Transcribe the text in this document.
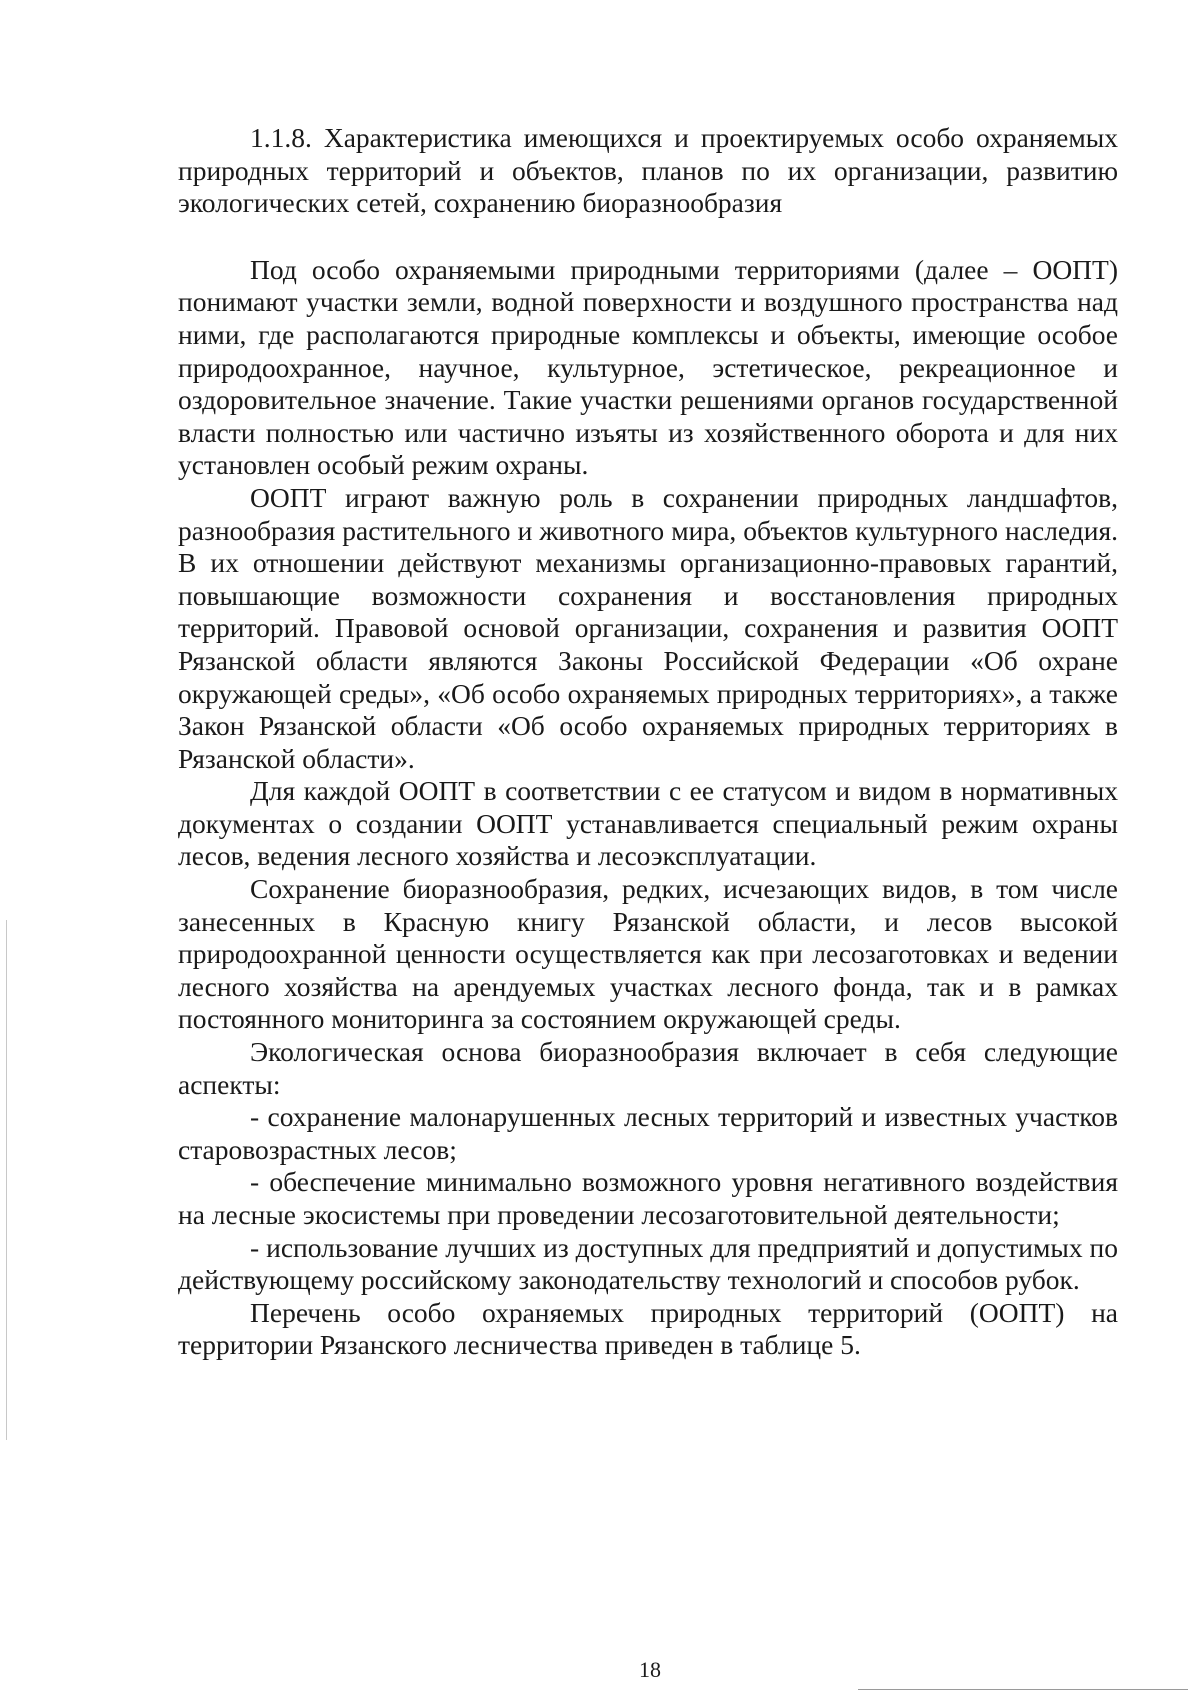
1.1.8. Характеристика имеющихся и проектируемых особо охраняемых природных территорий и объектов, планов по их организации, развитию экологических сетей, сохранению биоразнообразия

Под особо охраняемыми природными территориями (далее – ООПТ) понимают участки земли, водной поверхности и воздушного пространства над ними, где располагаются природные комплексы и объекты, имеющие особое природоохранное, научное, культурное, эстетическое, рекреационное и оздоровительное значение. Такие участки решениями органов государственной власти полностью или частично изъяты из хозяйственного оборота и для них установлен особый режим охраны.

ООПТ играют важную роль в сохранении природных ландшафтов, разнообразия растительного и животного мира, объектов культурного наследия. В их отношении действуют механизмы организационно-правовых гарантий, повышающие возможности сохранения и восстановления природных территорий. Правовой основой организации, сохранения и развития ООПТ Рязанской области являются Законы Российской Федерации «Об охране окружающей среды», «Об особо охраняемых природных территориях», а также Закон Рязанской области «Об особо охраняемых природных территориях в Рязанской области».

Для каждой ООПТ в соответствии с ее статусом и видом в нормативных документах о создании ООПТ устанавливается специальный режим охраны лесов, ведения лесного хозяйства и лесоэксплуатации.

Сохранение биоразнообразия, редких, исчезающих видов, в том числе занесенных в Красную книгу Рязанской области, и лесов высокой природоохранной ценности осуществляется как при лесозаготовках и ведении лесного хозяйства на арендуемых участках лесного фонда, так и в рамках постоянного мониторинга за состоянием окружающей среды.

Экологическая основа биоразнообразия включает в себя следующие аспекты:

- сохранение малонарушенных лесных территорий и известных участков старовозрастных лесов;

- обеспечение минимально возможного уровня негативного воздействия на лесные экосистемы при проведении лесозаготовительной деятельности;

- использование лучших из доступных для предприятий и допустимых по действующему российскому законодательству технологий и способов рубок.

Перечень особо охраняемых природных территорий (ООПТ) на территории Рязанского лесничества приведен в таблице 5.

18
